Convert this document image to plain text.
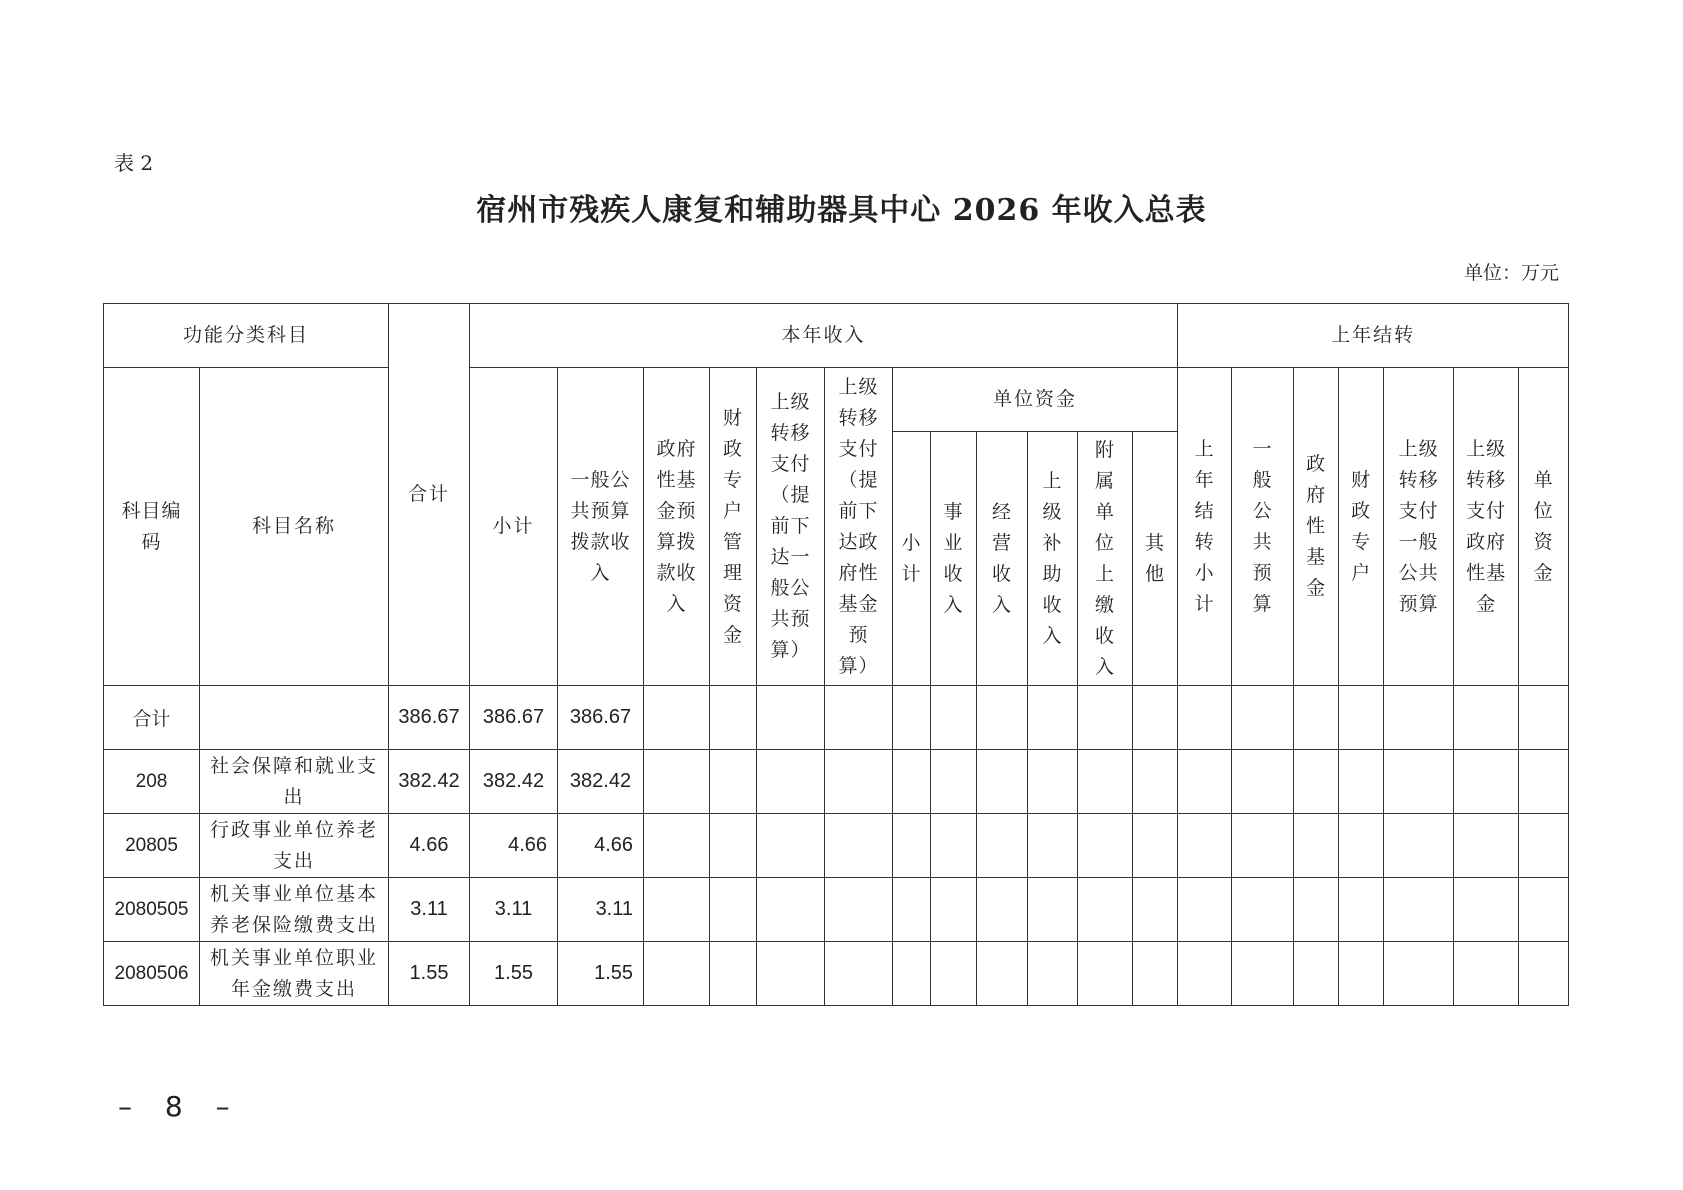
表 2
宿州市残疾人康复和辅助器具中心 2026 年收入总表
单位：万元
功能分类科目		合计	本年收入												上年结转						
科目编码	科目名称		小计	一般公共预算拨款收入	政府性基金预算拨款收入	财政专户管理资金	上级转移支付（提前下达一般公共预算）	上级转移支付（提前下达政府性基金预算）	单位资金						上年结转小计	一般公共预算	政府性基金	财政专户	上级转移支付一般公共预算	上级转移支付政府性基金	单位资金
									小计	事业收入	经营收入	上级补助收入	附属单位上缴收入	其他							
合计		386.67	386.67	386.67																	
208	社会保障和就业支出	382.42	382.42	382.42																	
20805	行政事业单位养老支出	4.66	4.66	4.66																	
2080505	机关事业单位基本养老保险缴费支出	3.11	3.11	3.11																	
2080506	机关事业单位职业年金缴费支出	1.55	1.55	1.55																	
– 8 –
